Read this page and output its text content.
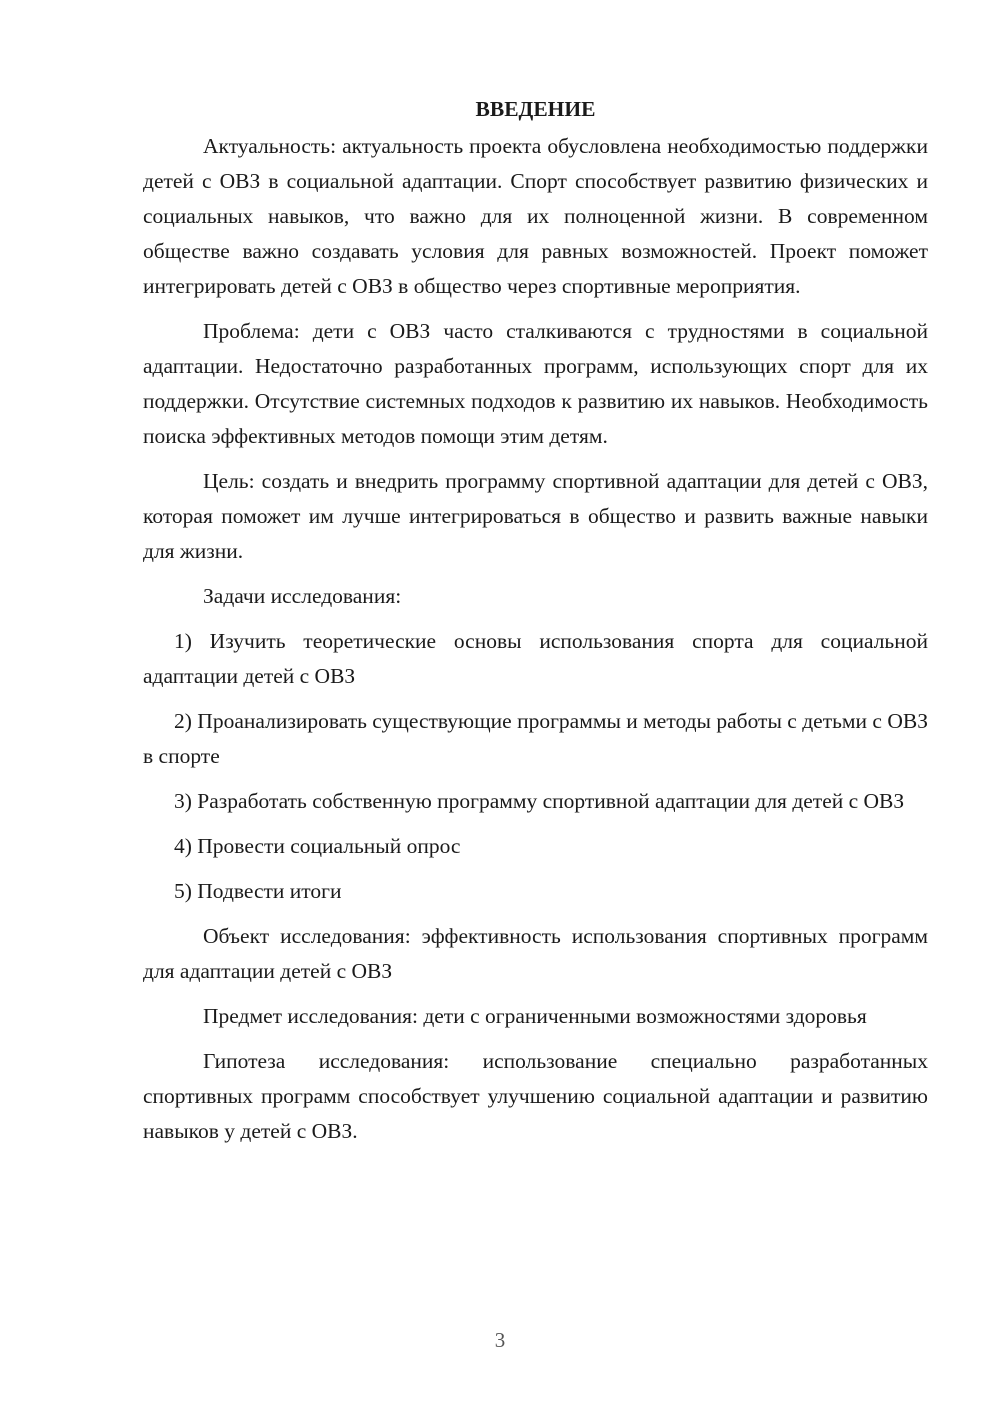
ВВЕДЕНИЕ

Актуальность: актуальность проекта обусловлена необходимостью поддержки детей с ОВЗ в социальной адаптации. Спорт способствует развитию физических и социальных навыков, что важно для их полноценной жизни. В современном обществе важно создавать условия для равных возможностей. Проект поможет интегрировать детей с ОВЗ в общество через спортивные мероприятия.

Проблема: дети с ОВЗ часто сталкиваются с трудностями в социальной адаптации. Недостаточно разработанных программ, использующих спорт для их поддержки. Отсутствие системных подходов к развитию их навыков. Необходимость поиска эффективных методов помощи этим детям.

Цель: создать и внедрить программу спортивной адаптации для детей с ОВЗ, которая поможет им лучше интегрироваться в общество и развить важные навыки для жизни.

Задачи исследования:

1) Изучить теоретические основы использования спорта для социальной адаптации детей с ОВЗ

2) Проанализировать существующие программы и методы работы с детьми с ОВЗ в спорте

3) Разработать собственную программу спортивной адаптации для детей с ОВЗ

4) Провести социальный опрос

5) Подвести итоги

Объект исследования: эффективность использования спортивных программ для адаптации детей с ОВЗ

Предмет исследования: дети с ограниченными возможностями здоровья

Гипотеза исследования: использование специально разработанных спортивных программ способствует улучшению социальной адаптации и развитию навыков у детей с ОВЗ.

3
